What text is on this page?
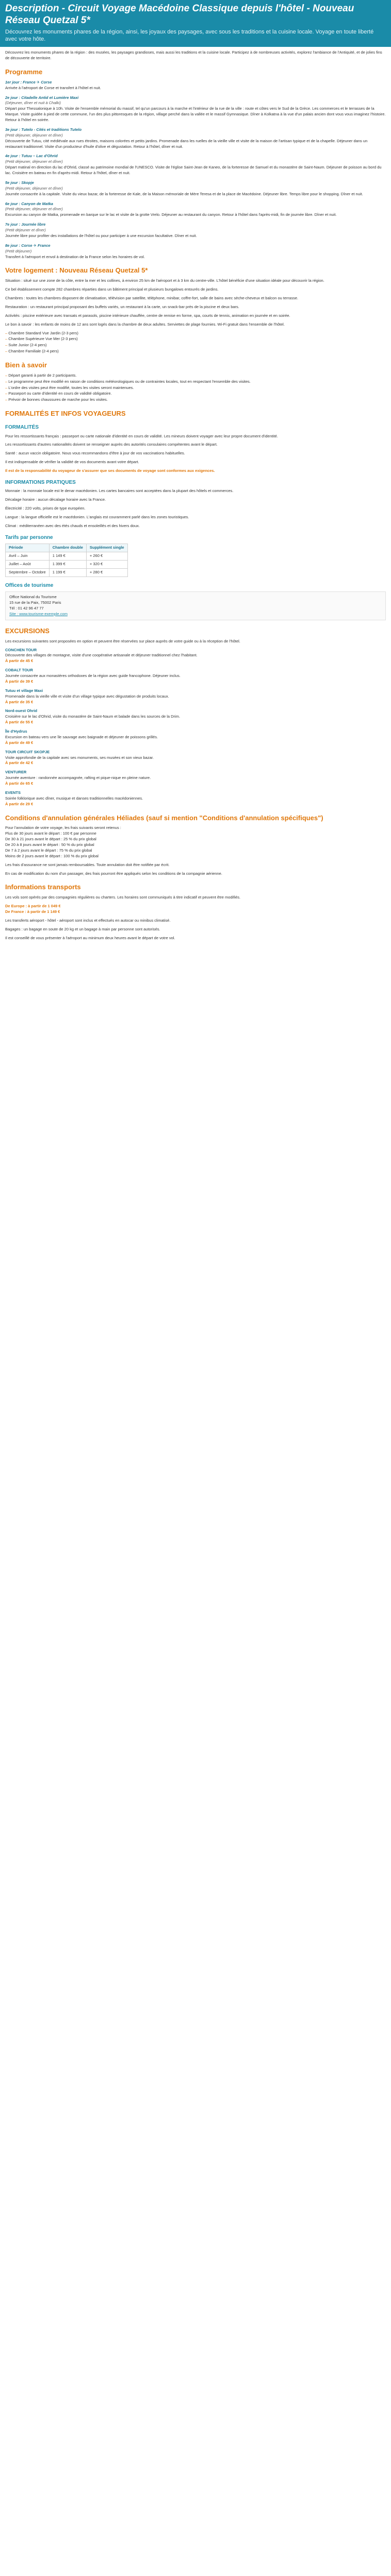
Description - Circuit Voyage Macédoine Classique depuis l'hôtel - Nouveau Réseau Quetzal 5*
Découvrez les monuments phares de la région, ainsi, les joyaux des paysages, avec sous les traditions et la cuisine locale. Voyage en toute liberté avec votre hôte.

Découvrez les monuments phares de la région : des musées, les paysages grandioses, mais aussi les traditions et la cuisine locale. Participez à de nombreuses activités, explorez l'ambiance de l'Antiquité, et de jolies fins de découverte de territoire.

Programme
1er jour : France ✈ Corse
Arrivée à l'aéroport de Corse et transfert à l'hôtel et nuit.
2e jour : Citadelle Antid et Lumière Maxi
(Déjeuner, dîner et nuit à Chalki)
Départ pour Thessalonique à 10h. Visite de l'ensemble mémorial du massif, tel qu'un parcours à la marche et l'intérieur de la rue de la ville : route et côtes vers le Sud de la Grèce. Les commerces et le terrasses de la Marque. Visite guidée à pied de cette commune, l'un des plus pittoresques de la région, village perché dans la vallée et le massif Gymnasique. Dîner à Kolkatna à la vue d'un palais ancien dont vous vous imaginez l'histoire. Retour à l'hôtel en soirée.
3e jour : Tutelo - Cités et traditions Tutelo
(Petit déjeuner, déjeuner et dîner)
Découverte de Tutuu, cité médiévale aux rues étroites, maisons colorées et petits jardins. Promenade dans les ruelles de la vieille ville et visite de la maison de l'artisan typique et de la chapelle. Déjeuner dans un restaurant traditionnel. Visite d'un producteur d'huile d'olive et dégustation. Retour à l'hôtel, dîner et nuit.
4e jour : Tutuu – Lac d'Ohrid
(Petit déjeuner, déjeuner et dîner)
Départ matinal en direction du lac d'Ohrid, classé au patrimoine mondial de l'UNESCO. Visite de l'église Saint-Jean de Kaneo, de la forteresse de Samuel et du monastère de Saint-Naum. Déjeuner de poisson au bord du lac. Croisière en bateau en fin d'après-midi. Retour à l'hôtel, dîner et nuit.
5e jour : Skopje
(Petit déjeuner, déjeuner et dîner)
Journée consacrée à la capitale. Visite du vieux bazar, de la forteresse de Kale, de la Maison mémoriale de Mère Teresa et de la place de Macédoine. Déjeuner libre. Temps libre pour le shopping. Dîner et nuit.
6e jour : Canyon de Matka
(Petit déjeuner, déjeuner et dîner)
Excursion au canyon de Matka, promenade en barque sur le lac et visite de la grotte Vrelo. Déjeuner au restaurant du canyon. Retour à l'hôtel dans l'après-midi, fin de journée libre. Dîner et nuit.
7e jour : Journée libre
(Petit déjeuner et dîner)
Journée libre pour profiter des installations de l'hôtel ou pour participer à une excursion facultative. Dîner et nuit.
8e jour : Corse ✈ France
(Petit déjeuner)
Transfert à l'aéroport et envol à destination de la France selon les horaires de vol.
Votre logement : Nouveau Réseau Quetzal 5*

Situation : situé sur une zone de la côte, entre la mer et les collines, à environ 25 km de l'aéroport et à 3 km du centre-ville. L'hôtel bénéficie d'une situation idéale pour découvrir la région.

Ce bel établissement compte 282 chambres réparties dans un bâtiment principal et plusieurs bungalows entourés de jardins.

Chambres : toutes les chambres disposent de climatisation, télévision par satellite, téléphone, minibar, coffre-fort, salle de bains avec sèche-cheveux et balcon ou terrasse.

Restauration : un restaurant principal proposant des buffets variés, un restaurant à la carte, un snack-bar près de la piscine et deux bars.

Activités : piscine extérieure avec transats et parasols, piscine intérieure chauffée, centre de remise en forme, spa, courts de tennis, animation en journée et en soirée.

Le bon à savoir : les enfants de moins de 12 ans sont logés dans la chambre de deux adultes. Serviettes de plage fournies. Wi-Fi gratuit dans l'ensemble de l'hôtel.

– Chambre Standard Vue Jardin (2-3 pers)
– Chambre Supérieure Vue Mer (2-3 pers)
– Suite Junior (2-4 pers)
– Chambre Familiale (2-4 pers)
Bien à savoir
– Départ garanti à partir de 2 participants.
– Le programme peut être modifié en raison de conditions météorologiques ou de contraintes locales, tout en respectant l'ensemble des visites.
– L'ordre des visites peut être modifié, toutes les visites seront maintenues.
– Passeport ou carte d'identité en cours de validité obligatoire.
– Prévoir de bonnes chaussures de marche pour les visites.
FORMALITÉS ET INFOS VOYAGEURS
FORMALITÉS

Pour les ressortissants français : passeport ou carte nationale d'identité en cours de validité. Les mineurs doivent voyager avec leur propre document d'identité.

Les ressortissants d'autres nationalités doivent se renseigner auprès des autorités consulaires compétentes avant le départ.

Santé : aucun vaccin obligatoire. Nous vous recommandons d'être à jour de vos vaccinations habituelles.

Il est indispensable de vérifier la validité de vos documents avant votre départ.

Il est de la responsabilité du voyageur de s'assurer que ses documents de voyage sont conformes aux exigences.

INFORMATIONS PRATIQUES

Monnaie : la monnaie locale est le denar macédonien. Les cartes bancaires sont acceptées dans la plupart des hôtels et commerces.

Décalage horaire : aucun décalage horaire avec la France.

Électricité : 220 volts, prises de type européen.

Langue : la langue officielle est le macédonien. L'anglais est couramment parlé dans les zones touristiques.

Climat : méditerranéen avec des étés chauds et ensoleillés et des hivers doux.

Tarifs par personne
Période	Chambre double	Supplément single
Avril – Juin	1 149 €	+ 260 €
Juillet – Août	1 399 €	+ 320 €
Septembre – Octobre	1 199 €	+ 280 €
Offices de tourisme
Office National du Tourisme
15 rue de la Paix, 75002 Paris
Tél : 01 42 96 47 77
Site : www.tourisme-exemple.com
EXCURSIONS

Les excursions suivantes sont proposées en option et peuvent être réservées sur place auprès de votre guide ou à la réception de l'hôtel.

CONCHEN TOUR
Découverte des villages de montagne, visite d'une coopérative artisanale et déjeuner traditionnel chez l'habitant.
À partir de 45 €
COBALT TOUR
Journée consacrée aux monastères orthodoxes de la région avec guide francophone. Déjeuner inclus.
À partir de 39 €
Tutuu et village Maxi
Promenade dans la vieille ville et visite d'un village typique avec dégustation de produits locaux.
À partir de 35 €
Nord-ouest Ohrid
Croisière sur le lac d'Ohrid, visite du monastère de Saint-Naum et balade dans les sources de la Drim.
À partir de 55 €
Île d'Hydrus
Excursion en bateau vers une île sauvage avec baignade et déjeuner de poissons grillés.
À partir de 49 €
TOUR CIRCUIT SKOPJE
Visite approfondie de la capitale avec ses monuments, ses musées et son vieux bazar.
À partir de 42 €
VENTURER
Journée aventure : randonnée accompagnée, rafting et pique-nique en pleine nature.
À partir de 65 €
EVENTS
Soirée folklorique avec dîner, musique et danses traditionnelles macédoniennes.
À partir de 29 €
Conditions d'annulation générales Héliades (sauf si mention "Conditions d'annulation spécifiques")
Pour l'annulation de votre voyage, les frais suivants seront retenus :
Plus de 30 jours avant le départ : 100 € par personne
De 30 à 21 jours avant le départ : 25 % du prix global
De 20 à 8 jours avant le départ : 50 % du prix global
De 7 à 2 jours avant le départ : 75 % du prix global
Moins de 2 jours avant le départ : 100 % du prix global

Les frais d'assurance ne sont jamais remboursables. Toute annulation doit être notifiée par écrit.

En cas de modification du nom d'un passager, des frais pourront être appliqués selon les conditions de la compagnie aérienne.

Informations transports

Les vols sont opérés par des compagnies régulières ou charters. Les horaires sont communiqués à titre indicatif et peuvent être modifiés.

De Europe : à partir de 1 049 €
De France : à partir de 1 149 €

Les transferts aéroport - hôtel - aéroport sont inclus et effectués en autocar ou minibus climatisé.

Bagages : un bagage en soute de 20 kg et un bagage à main par personne sont autorisés.

Il est conseillé de vous présenter à l'aéroport au minimum deux heures avant le départ de votre vol.
